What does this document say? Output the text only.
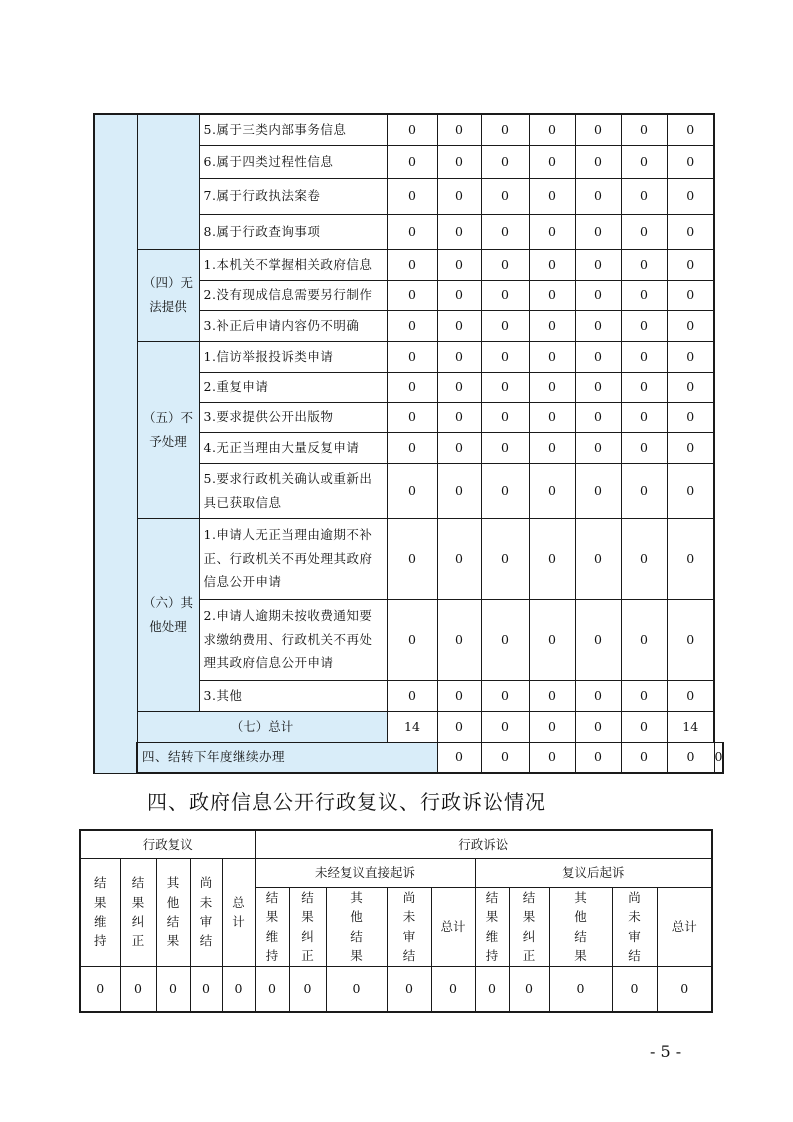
		5.属于三类内部事务信息	0	0	0	0	0	0	0	
		6.属于四类过程性信息	0	0	0	0	0	0	0	
		7.属于行政执法案卷	0	0	0	0	0	0	0	
		8.属于行政查询事项	0	0	0	0	0	0	0	
	（四）无法提供	1.本机关不掌握相关政府信息	0	0	0	0	0	0	0	
		2.没有现成信息需要另行制作	0	0	0	0	0	0	0	
		3.补正后申请内容仍不明确	0	0	0	0	0	0	0	
	（五）不予处理	1.信访举报投诉类申请	0	0	0	0	0	0	0	
		2.重复申请	0	0	0	0	0	0	0	
		3.要求提供公开出版物	0	0	0	0	0	0	0	
		4.无正当理由大量反复申请	0	0	0	0	0	0	0	
		5.要求行政机关确认或重新出具已获取信息	0	0	0	0	0	0	0	
	（六）其他处理	1.申请人无正当理由逾期不补正、行政机关不再处理其政府信息公开申请	0	0	0	0	0	0	0	
		2.申请人逾期未按收费通知要求缴纳费用、行政机关不再处理其政府信息公开申请	0	0	0	0	0	0	0	
		3.其他	0	0	0	0	0	0	0	
	（七）总计		14	0	0	0	0	0	14	
	四、结转下年度继续办理			0	0	0	0	0	0	0
四、政府信息公开行政复议、行政诉讼情况
行政复议					行政诉讼									
结果维持	结果纠正	其他结果	尚未审结	总计	未经复议直接起诉					复议后起诉				
					结果维持	结果纠正	其他结果	尚未审结	总计	结果维持	结果纠正	其他结果	尚未审结	总计
0	0	0	0	0	0	0	0	0	0	0	0	0	0	0
- 5 -
